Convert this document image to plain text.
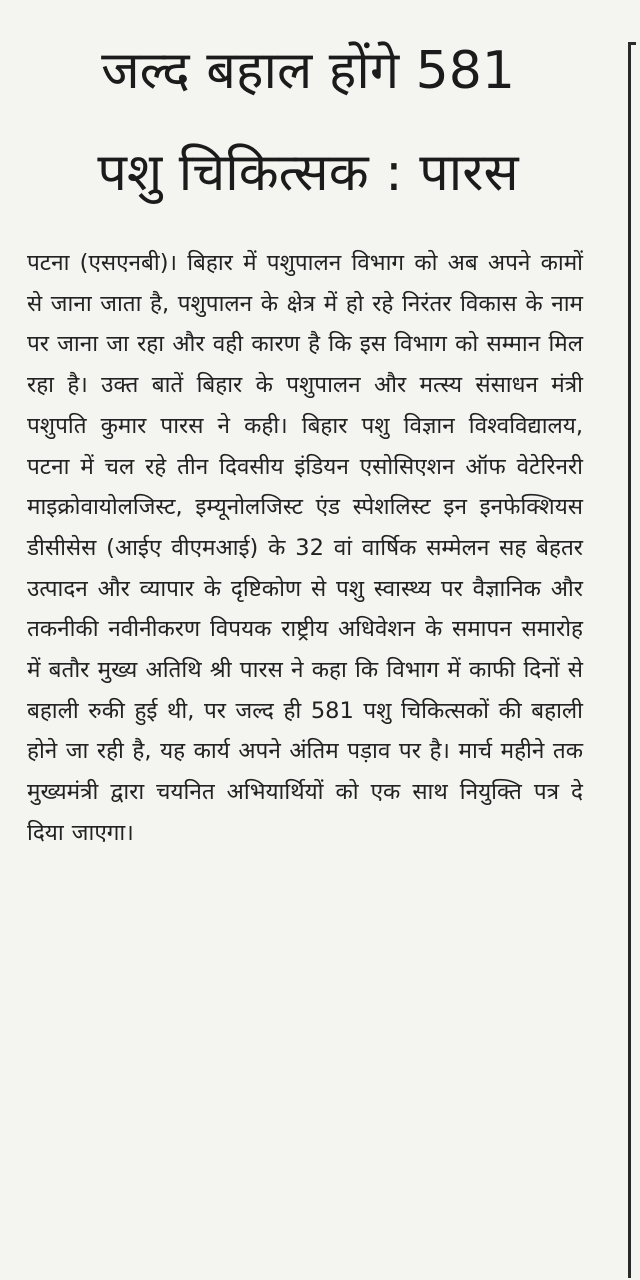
जल्द बहाल होंगे 581
पशु चिकित्सक : पारस

पटना (एसएनबी)। बिहार में पशुपालन विभाग को अब अपने कामों से जाना जाता है, पशुपालन के क्षेत्र में हो रहे निरंतर विकास के नाम पर जाना जा रहा और वही कारण है कि इस विभाग को सम्मान मिल रहा है। उक्त बातें बिहार के पशुपालन और मत्स्य संसाधन मंत्री पशुपति कुमार पारस ने कही। बिहार पशु विज्ञान विश्वविद्यालय, पटना में चल रहे तीन दिवसीय इंडियन एसोसिएशन ऑफ वेटेरिनरी माइक्रोवायोलजिस्ट, इम्यूनोलजिस्ट एंड स्पेशलिस्ट इन इनफेक्शियस डीसीसेस (आईए वीएमआई) के 32 वां वार्षिक सम्मेलन सह बेहतर उत्पादन और व्यापार के दृष्टिकोण से पशु स्वास्थ्य पर वैज्ञानिक और तकनीकी नवीनीकरण विपयक राष्ट्रीय अधिवेशन के समापन समारोह में बतौर मुख्य अतिथि श्री पारस ने कहा कि विभाग में काफी दिनों से बहाली रुकी हुई थी, पर जल्द ही 581 पशु चिकित्सकों की बहाली होने जा रही है, यह कार्य अपने अंतिम पड़ाव पर है। मार्च महीने तक मुख्यमंत्री द्वारा चयनित अभियार्थियों को एक साथ नियुक्ति पत्र दे दिया जाएगा।
